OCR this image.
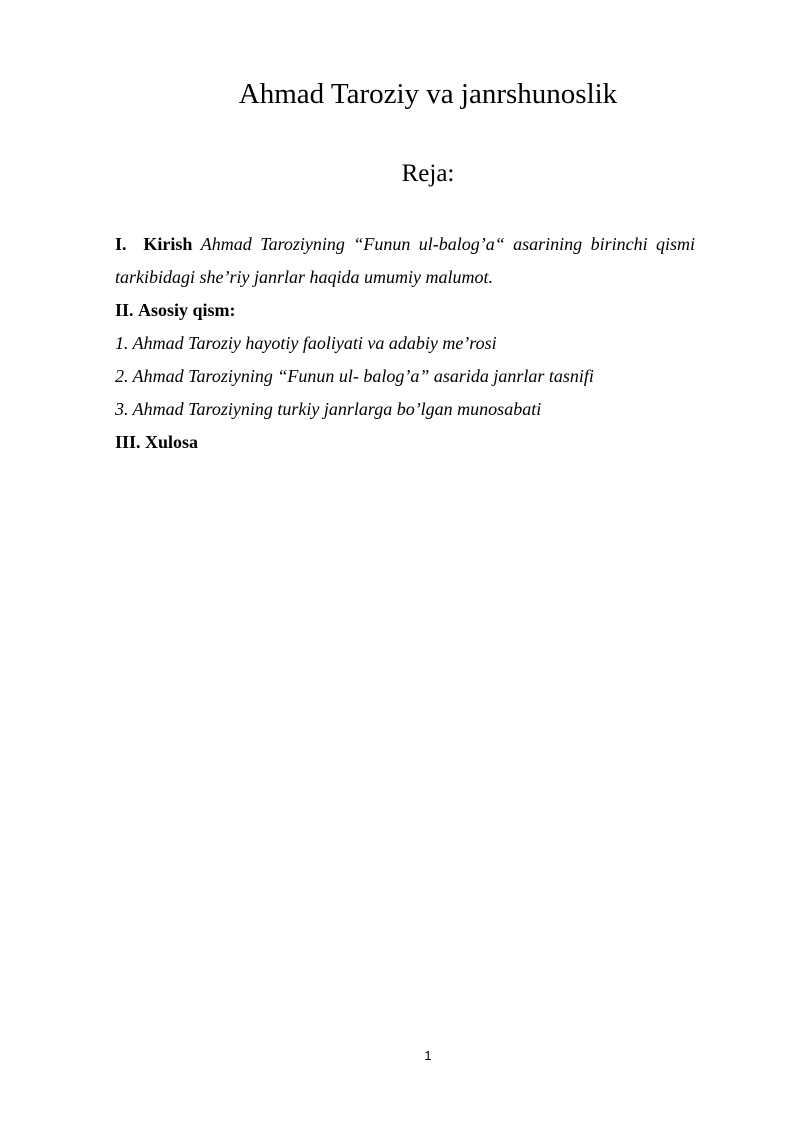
Ahmad Taroziy va janrshunoslik
Reja:

I. Kirish Ahmad Taroziyning “Funun ul-balog’a“ asarining birinchi qismi tarkibidagi she’riy janrlar haqida umumiy malumot.

II. Asosiy qism:

1. Ahmad Taroziy hayotiy faoliyati va adabiy me’rosi

2. Ahmad Taroziyning “Funun ul- balog’a” asarida janrlar tasnifi

3. Ahmad Taroziyning turkiy janrlarga bo’lgan munosabati

III. Xulosa

1
